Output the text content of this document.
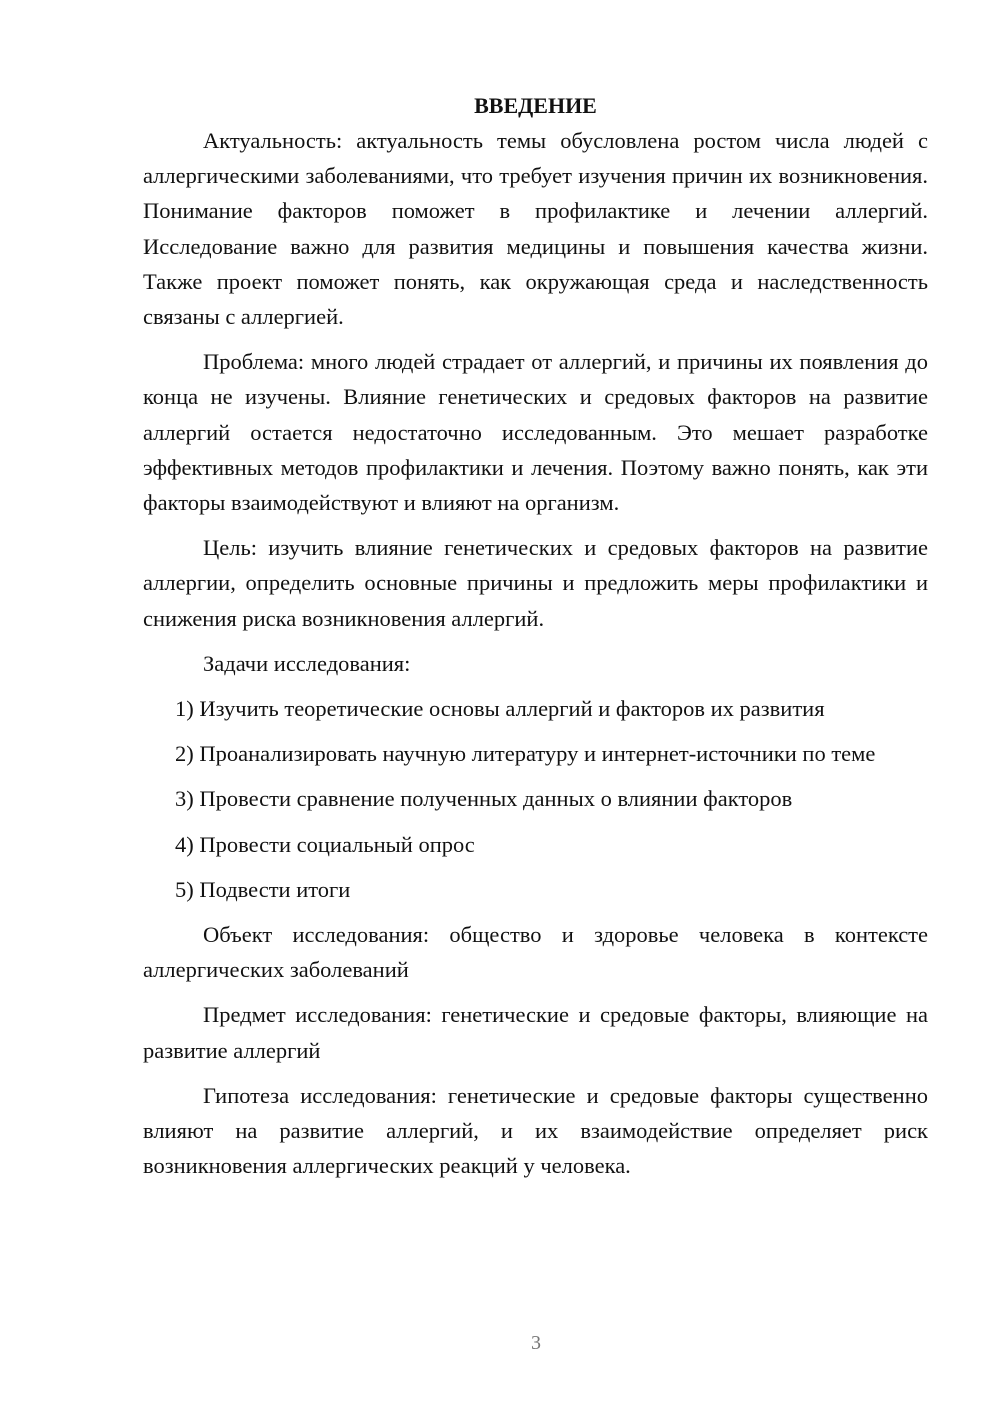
ВВЕДЕНИЕ

Актуальность: актуальность темы обусловлена ростом числа людей с аллергическими заболеваниями, что требует изучения причин их возникновения. Понимание факторов поможет в профилактике и лечении аллергий. Исследование важно для развития медицины и повышения качества жизни. Также проект поможет понять, как окружающая среда и наследственность связаны с аллергией.

Проблема: много людей страдает от аллергий, и причины их появления до конца не изучены. Влияние генетических и средовых факторов на развитие аллергий остается недостаточно исследованным. Это мешает разработке эффективных методов профилактики и лечения. Поэтому важно понять, как эти факторы взаимодействуют и влияют на организм.

Цель: изучить влияние генетических и средовых факторов на развитие аллергии, определить основные причины и предложить меры профилактики и снижения риска возникновения аллергий.

Задачи исследования:

1) Изучить теоретические основы аллергий и факторов их развития

2) Проанализировать научную литературу и интернет-источники по теме

3) Провести сравнение полученных данных о влиянии факторов

4) Провести социальный опрос

5) Подвести итоги

Объект исследования: общество и здоровье человека в контексте аллергических заболеваний

Предмет исследования: генетические и средовые факторы, влияющие на развитие аллергий

Гипотеза исследования: генетические и средовые факторы существенно влияют на развитие аллергий, и их взаимодействие определяет риск возникновения аллергических реакций у человека.

3
